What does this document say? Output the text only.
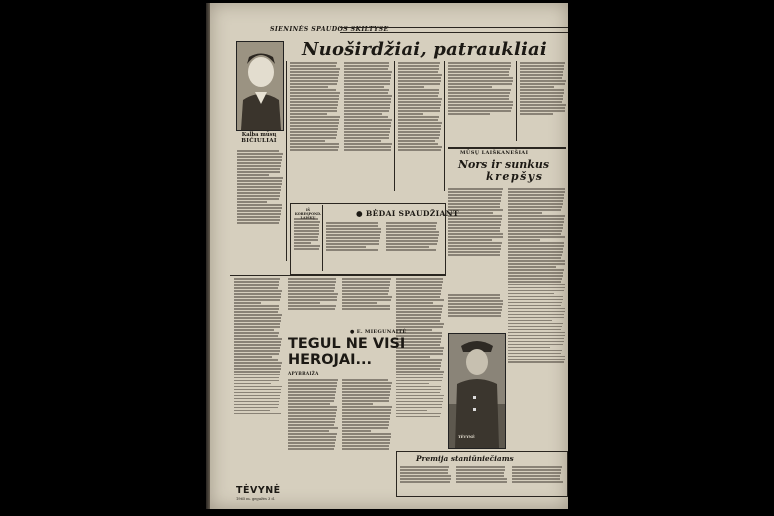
SIENINĖS SPAUDOS SKILTYSE
Nuoširdžiai, patraukliai
Kalba mūsų
BIČIULIAI
MŪSŲ LAIŠKANEŠIAI
Nors ir sunkus
krepšys
IŠ KORESPOND.	● BĖDAI SPAUDŽIANT
● E. MIEGUNAITĖ
TEGUL NE VISI
HEROJAI...
APYBRAIŽA
TĖVYNĖ
Premija staniūniečiams
TĖVYNĖ
1965 m. gegužės 3 d.
